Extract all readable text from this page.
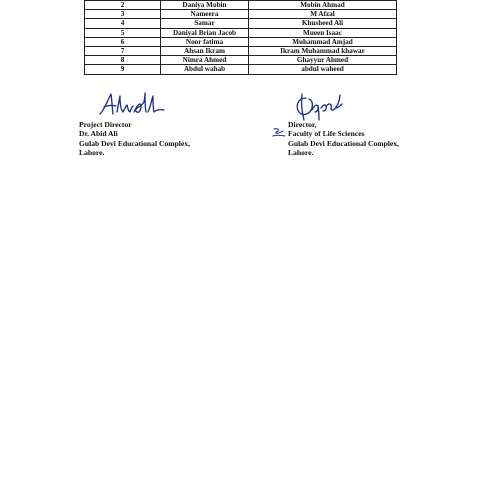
2	Daniya Mobin	Mobin Ahmad
3	Nameera	M Afzal
4	Samar	Khusheed Ali
5	Daniyal Brian Jacob	Mueen Isaac
6	Noor fatima	Muhammad Amjad
7	Ahsan Ikram	Ikram Muhammad khawar
8	Nimra Ahmed	Ghayyur Ahmed
9	Abdul wahab	abdul waheed
Project Director
Dr. Abid Ali
Gulab Devi Educational Complex,
Lahore.
Director,
Faculty of Life Sciences
Gulab Devi Educational Complex,
Lahore.
